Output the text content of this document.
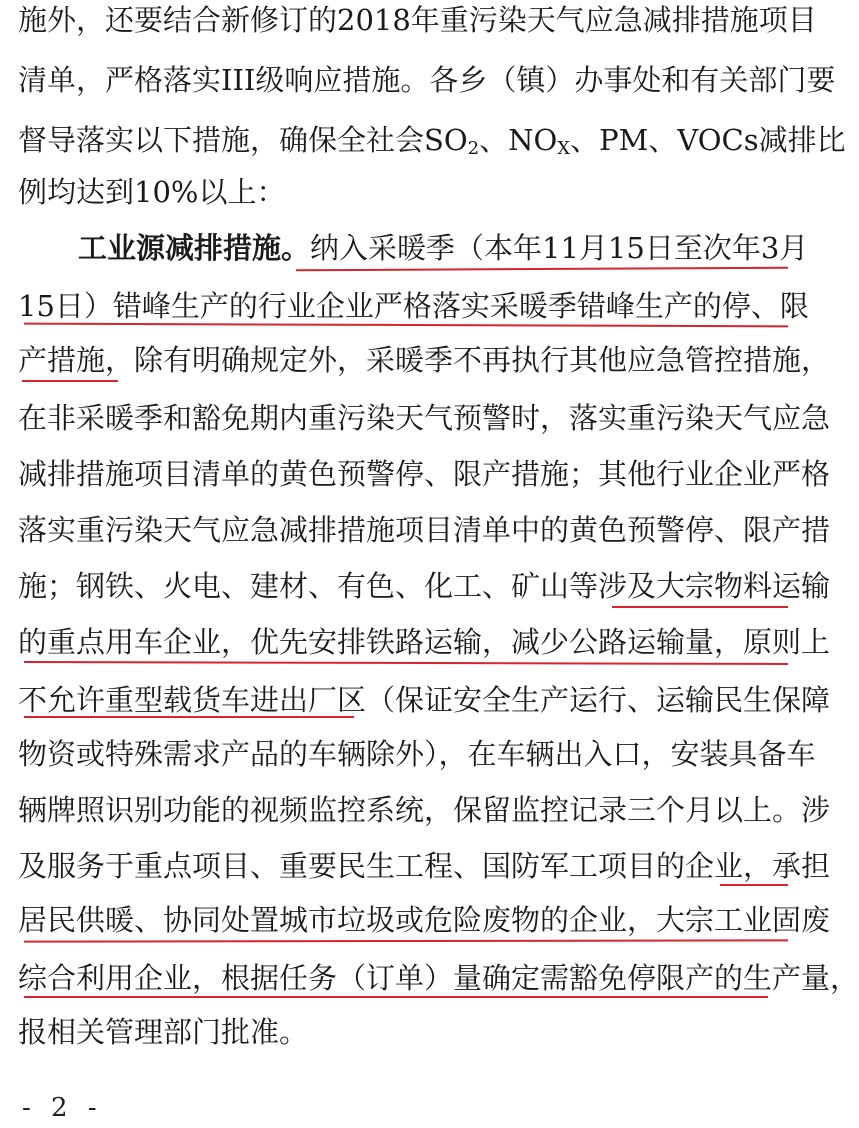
施外，还要结合新修订的2018年重污染天气应急减排措施项目
清单，严格落实III级响应措施。各乡（镇）办事处和有关部门要
督导落实以下措施，确保全社会$SO_2$、$NO_X$、PM、VOCs减排比
例均达到10%以上：
工业源减排措施。纳入采暖季（本年11月15日至次年3月
15日）错峰生产的行业企业严格落实采暖季错峰生产的停、限
产措施，除有明确规定外，采暖季不再执行其他应急管控措施，
在非采暖季和豁免期内重污染天气预警时，落实重污染天气应急
减排措施项目清单的黄色预警停、限产措施；其他行业企业严格
落实重污染天气应急减排措施项目清单中的黄色预警停、限产措
施；钢铁、火电、建材、有色、化工、矿山等涉及大宗物料运输
的重点用车企业，优先安排铁路运输，减少公路运输量，原则上
不允许重型载货车进出厂区（保证安全生产运行、运输民生保障
物资或特殊需求产品的车辆除外），在车辆出入口，安装具备车
辆牌照识别功能的视频监控系统，保留监控记录三个月以上。涉
及服务于重点项目、重要民生工程、国防军工项目的企业，承担
居民供暖、协同处置城市垃圾或危险废物的企业，大宗工业固废
综合利用企业，根据任务（订单）量确定需豁免停限产的生产量，
报相关管理部门批准。
- 2 -
